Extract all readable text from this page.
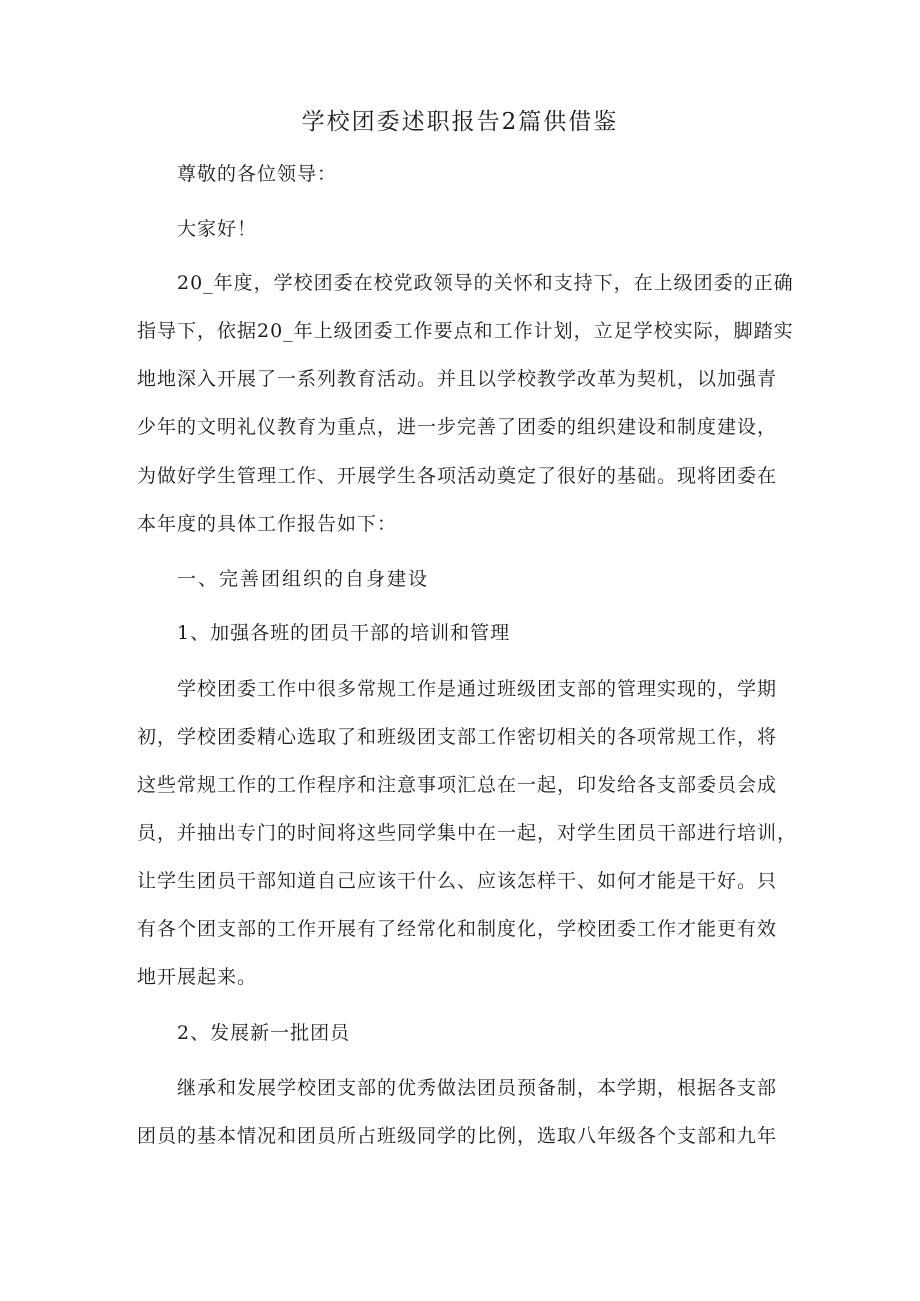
学校团委述职报告2篇供借鉴
尊敬的各位领导：
大家好！
20_年度，学校团委在校党政领导的关怀和支持下，在上级团委的正确
指导下，依据20_年上级团委工作要点和工作计划，立足学校实际，脚踏实
地地深入开展了一系列教育活动。并且以学校教学改革为契机，以加强青
少年的文明礼仪教育为重点，进一步完善了团委的组织建设和制度建设，
为做好学生管理工作、开展学生各项活动奠定了很好的基础。现将团委在
本年度的具体工作报告如下：
一、完善团组织的自身建设
1、加强各班的团员干部的培训和管理
学校团委工作中很多常规工作是通过班级团支部的管理实现的，学期
初，学校团委精心选取了和班级团支部工作密切相关的各项常规工作，将
这些常规工作的工作程序和注意事项汇总在一起，印发给各支部委员会成
员，并抽出专门的时间将这些同学集中在一起，对学生团员干部进行培训，
让学生团员干部知道自己应该干什么、应该怎样干、如何才能是干好。只
有各个团支部的工作开展有了经常化和制度化，学校团委工作才能更有效
地开展起来。
2、发展新一批团员
继承和发展学校团支部的优秀做法团员预备制，本学期，根据各支部
团员的基本情况和团员所占班级同学的比例，选取八年级各个支部和九年
